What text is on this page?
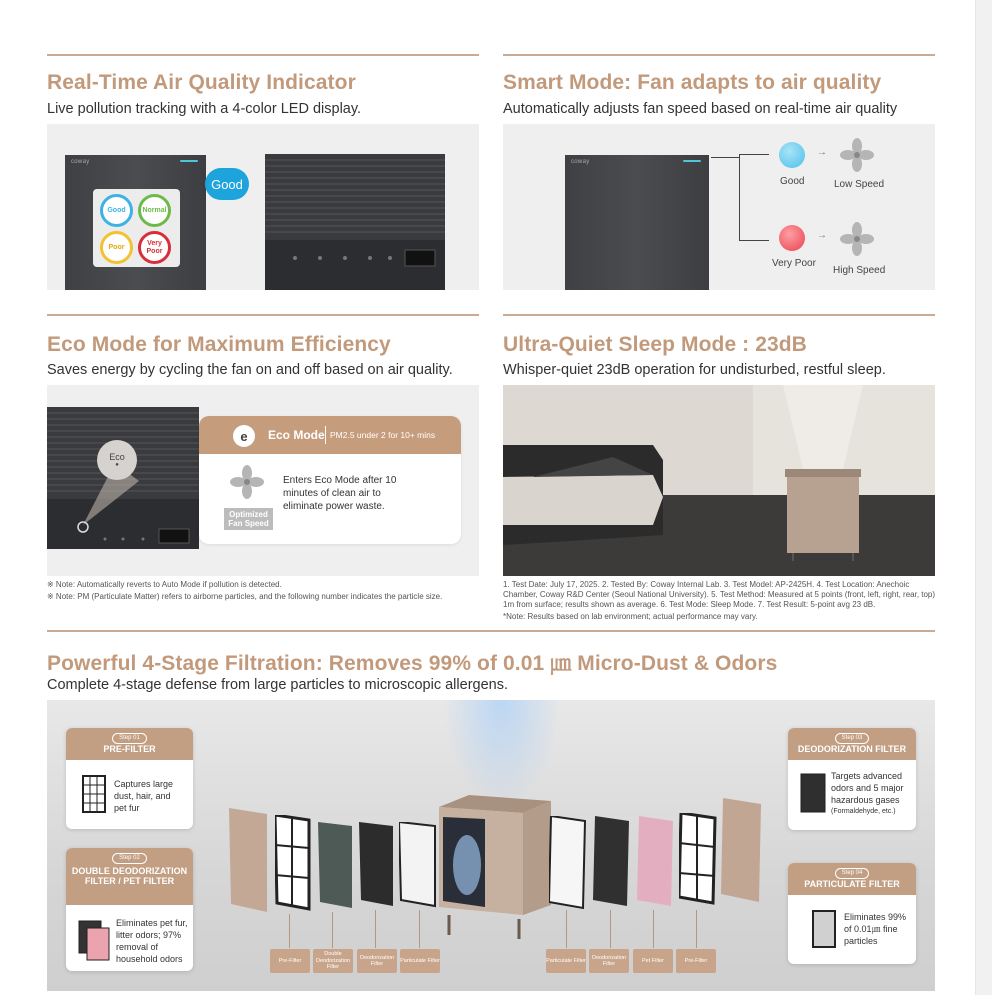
Real-Time Air Quality Indicator
Live pollution tracking with a 4-color LED display.
coway
Good	Normal
Poor
Very Poor
Good
Smart Mode: Fan adapts to air quality
Automatically adjusts fan speed based on real-time air quality
coway
Good
→
Low Speed
Very Poor
→
High Speed
Eco Mode for Maximum Efficiency
Saves energy by cycling the fan on and off based on air quality.
Eco
●
e	Eco Mode PM2.5 under 2 for 10+ mins
Optimized Fan Speed
Enters Eco Mode after 10 minutes of clean air to eliminate power waste.
※ Note: Automatically reverts to Auto Mode if pollution is detected.
※ Note: PM (Particulate Matter) refers to airborne particles, and the following number indicates the particle size.
Ultra-Quiet Sleep Mode : 23dB
Whisper-quiet 23dB operation for undisturbed, restful sleep.
1. Test Date: July 17, 2025. 2. Tested By: Coway Internal Lab. 3. Test Model: AP-2425H. 4. Test Location: Anechoic Chamber, Coway R&D Center (Seoul National University). 5. Test Method: Measured at 5 points (front, left, right, rear, top) 1m from surface; results shown as average. 6. Test Mode: Sleep Mode. 7. Test Result: 5-point avg 23 dB.
*Note: Results based on lab environment; actual performance may vary.
Powerful 4-Stage Filtration: Removes 99% of 0.01 ㎛ Micro-Dust & Odors
Complete 4-stage defense from large particles to microscopic allergens.
Pre-Filter
Double Deodorization Filter
Deodorization Filter
Particulate Filter	Particulate Filter
Deodorization Filter
Pet Filter	Pre-Filter
Step 01
PRE-FILTER
Captures large dust, hair, and pet fur
Step 02

DOUBLE DEODORIZATION FILTER / PET FILTER
Eliminates pet fur, litter odors; 97% removal of household odors
Step 03
DEODORIZATION FILTER
Targets advanced odors and 5 major hazardous gases
(Formaldehyde, etc.)
Step 04
PARTICULATE FILTER
Eliminates 99% of 0.01㎛ fine particles
